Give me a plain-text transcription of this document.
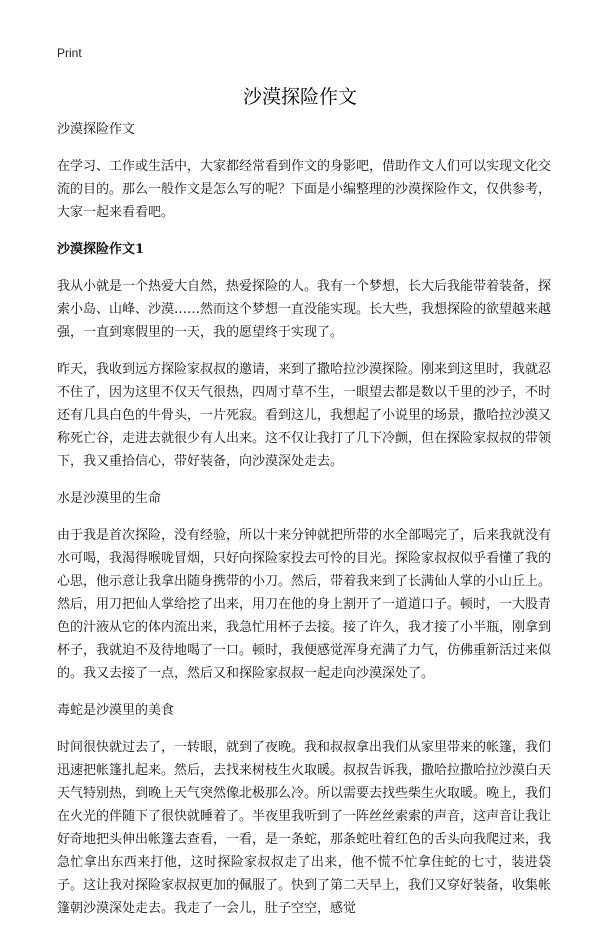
Print
沙漠探险作文

沙漠探险作文

在学习、工作或生活中，大家都经常看到作文的身影吧，借助作文人们可以实现文化交流的目的。那么一般作文是怎么写的呢？下面是小编整理的沙漠探险作文，仅供参考，大家一起来看看吧。

沙漠探险作文1

我从小就是一个热爱大自然，热爱探险的人。我有一个梦想，长大后我能带着装备，探索小岛、山峰、沙漠……然而这个梦想一直没能实现。长大些，我想探险的欲望越来越强，一直到寒假里的一天，我的愿望终于实现了。

昨天，我收到远方探险家叔叔的邀请，来到了撒哈拉沙漠探险。刚来到这里时，我就忍不住了，因为这里不仅天气很热，四周寸草不生，一眼望去都是数以千里的沙子，不时还有几具白色的牛骨头，一片死寂。看到这儿，我想起了小说里的场景，撒哈拉沙漠又称死亡谷，走进去就很少有人出来。这不仅让我打了几下冷颤，但在探险家叔叔的带领下，我又重拾信心，带好装备，向沙漠深处走去。

水是沙漠里的生命

由于我是首次探险，没有经验，所以十来分钟就把所带的水全部喝完了，后来我就没有水可喝，我渴得喉咙冒烟，只好向探险家投去可怜的目光。探险家叔叔似乎看懂了我的心思，他示意让我拿出随身携带的小刀。然后，带着我来到了长满仙人掌的小山丘上。然后，用刀把仙人掌给挖了出来，用刀在他的身上割开了一道道口子。顿时，一大股青色的汁液从它的体内流出来，我急忙用杯子去接。接了许久，我才接了小半瓶，刚拿到杯子，我就迫不及待地喝了一口。顿时，我便感觉浑身充满了力气，仿佛重新活过来似的。我又去接了一点，然后又和探险家叔叔一起走向沙漠深处了。

毒蛇是沙漠里的美食

时间很快就过去了，一转眼，就到了夜晚。我和叔叔拿出我们从家里带来的帐篷，我们迅速把帐篷扎起来。然后，去找来树枝生火取暖。叔叔告诉我，撒哈拉撒哈拉沙漠白天天气特别热，到晚上天气突然像北极那么冷。所以需要去找些柴生火取暖。晚上，我们在火光的伴随下了很快就睡着了。半夜里我听到了一阵丝丝索索的声音，这声音让我让好奇地把头伸出帐篷去查看，一看，是一条蛇，那条蛇吐着红色的舌头向我爬过来，我急忙拿出东西来打他，这时探险家叔叔走了出来，他不慌不忙拿住蛇的七寸，装进袋子。这让我对探险家叔叔更加的佩服了。快到了第二天早上，我们又穿好装备，收集帐篷朝沙漠深处走去。我走了一会儿，肚子空空，感觉
